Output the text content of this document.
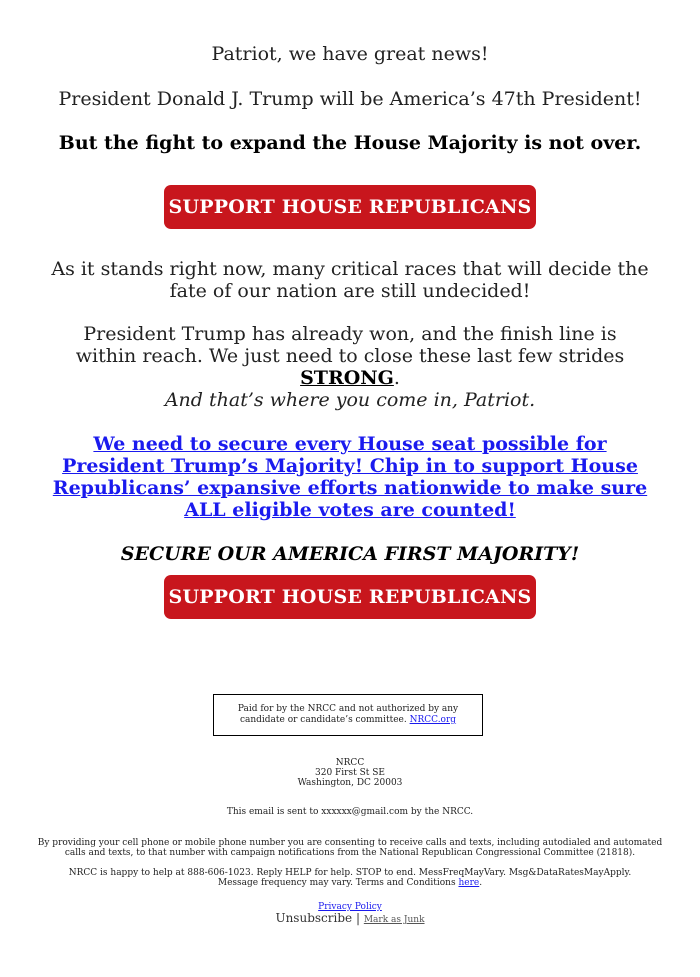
Patriot, we have great news!

President Donald J. Trump will be America’s 47th President!

But the fight to expand the House Majority is not over.

SUPPORT HOUSE REPUBLICANS

As it stands right now, many critical races that will decide the fate of our nation are still undecided!

President Trump has already won, and the finish line is within reach. We just need to close these last few strides STRONG.

And that’s where you come in, Patriot.

We need to secure every House seat possible for President Trump’s Majority! Chip in to support House Republicans’ expansive efforts nationwide to make sure ALL eligible votes are counted!

SECURE OUR AMERICA FIRST MAJORITY!

SUPPORT HOUSE REPUBLICANS
Paid for by the NRCC and not authorized by any candidate or candidate’s committee. NRCC.org

NRCC

320 First St SE

Washington, DC 20003

This email is sent to xxxxxx@gmail.com by the NRCC.

By providing your cell phone or mobile phone number you are consenting to receive calls and texts, including autodialed and automated calls and texts, to that number with campaign notifications from the National Republican Congressional Committee (21818).

NRCC is happy to help at 888-606-1023. Reply HELP for help. STOP to end. MessFreqMayVary. Msg&DataRatesMayApply. Message frequency may vary. Terms and Conditions here.

Privacy Policy

Unsubscribe | Mark as Junk
